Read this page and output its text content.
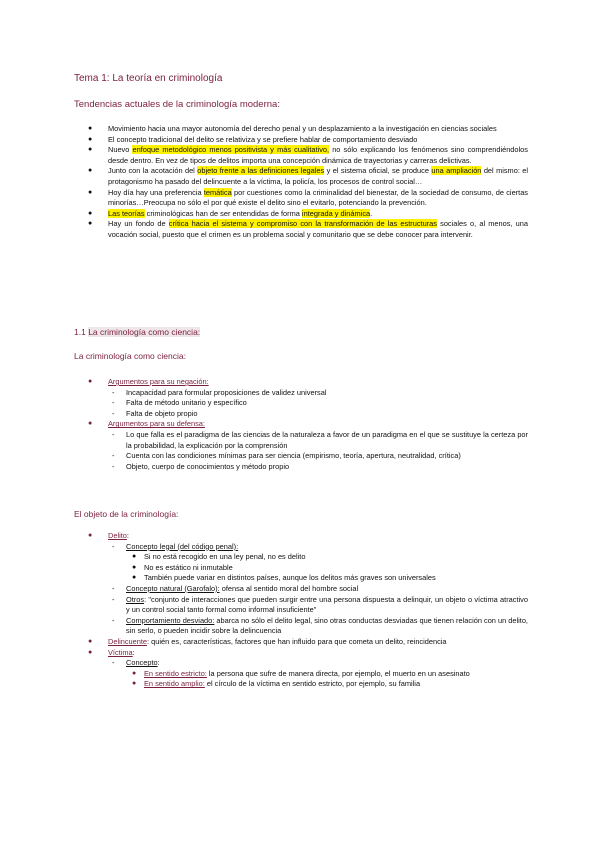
Tema 1: La teoría en criminología
Tendencias actuales de la criminología moderna:
● Movimiento hacia una mayor autonomía del derecho penal y un desplazamiento a la investigación en ciencias sociales
● El concepto tradicional del delito se relativiza y se prefiere hablar de comportamiento desviado
● Nuevo enfoque metodológico menos positivista y más cualitativo, no sólo explicando los fenómenos sino comprendiéndolos desde dentro. En vez de tipos de delitos importa una concepción dinámica de trayectorias y carreras delictivas.
● Junto con la acotación del objeto frente a las definiciones legales y el sistema oficial, se produce una ampliación del mismo: el protagonismo ha pasado del delincuente a la víctima, la policía, los procesos de control social…
● Hoy día hay una preferencia temática por cuestiones como la criminalidad del bienestar, de la sociedad de consumo, de ciertas minorías…Preocupa no sólo el por qué existe el delito sino el evitarlo, potenciando la prevención.
● Las teorías criminológicas han de ser entendidas de forma integrada y dinámica.
● Hay un fondo de crítica hacia el sistema y compromiso con la transformación de las estructuras sociales o, al menos, una vocación social, puesto que el crimen es un problema social y comunitario que se debe conocer para intervenir.
1.1 La criminología como ciencia:
La criminología como ciencia:
● Argumentos para su negación:
- Incapacidad para formular proposiciones de validez universal
- Falta de método unitario y específico
- Falta de objeto propio
● Argumentos para su defensa:
- Lo que falla es el paradigma de las ciencias de la naturaleza a favor de un paradigma en el que se sustituye la certeza por la probabilidad, la explicación por la comprensión
- Cuenta con las condiciones mínimas para ser ciencia (empirismo, teoría, apertura, neutralidad, crítica)
- Objeto, cuerpo de conocimientos y método propio
El objeto de la criminología:
● Delito:
- Concepto legal (del código penal):
● Si no está recogido en una ley penal, no es delito
● No es estático ni inmutable
● También puede variar en distintos países, aunque los delitos más graves son universales
- Concepto natural (Garofalo): ofensa al sentido moral del hombre social
- Otros: "conjunto de interacciones que pueden surgir entre una persona dispuesta a delinquir, un objeto o víctima atractivo y un control social tanto formal como informal insuficiente"
- Comportamiento desviado: abarca no sólo el delito legal, sino otras conductas desviadas que tienen relación con un delito, sin serlo, o pueden incidir sobre la delincuencia
● Delincuente: quién es, características, factores que han influido para que cometa un delito, reincidencia
● Víctima:
- Concepto:
● En sentido estricto: la persona que sufre de manera directa, por ejemplo, el muerto en un asesinato
● En sentido amplio: el círculo de la víctima en sentido estricto, por ejemplo, su familia
